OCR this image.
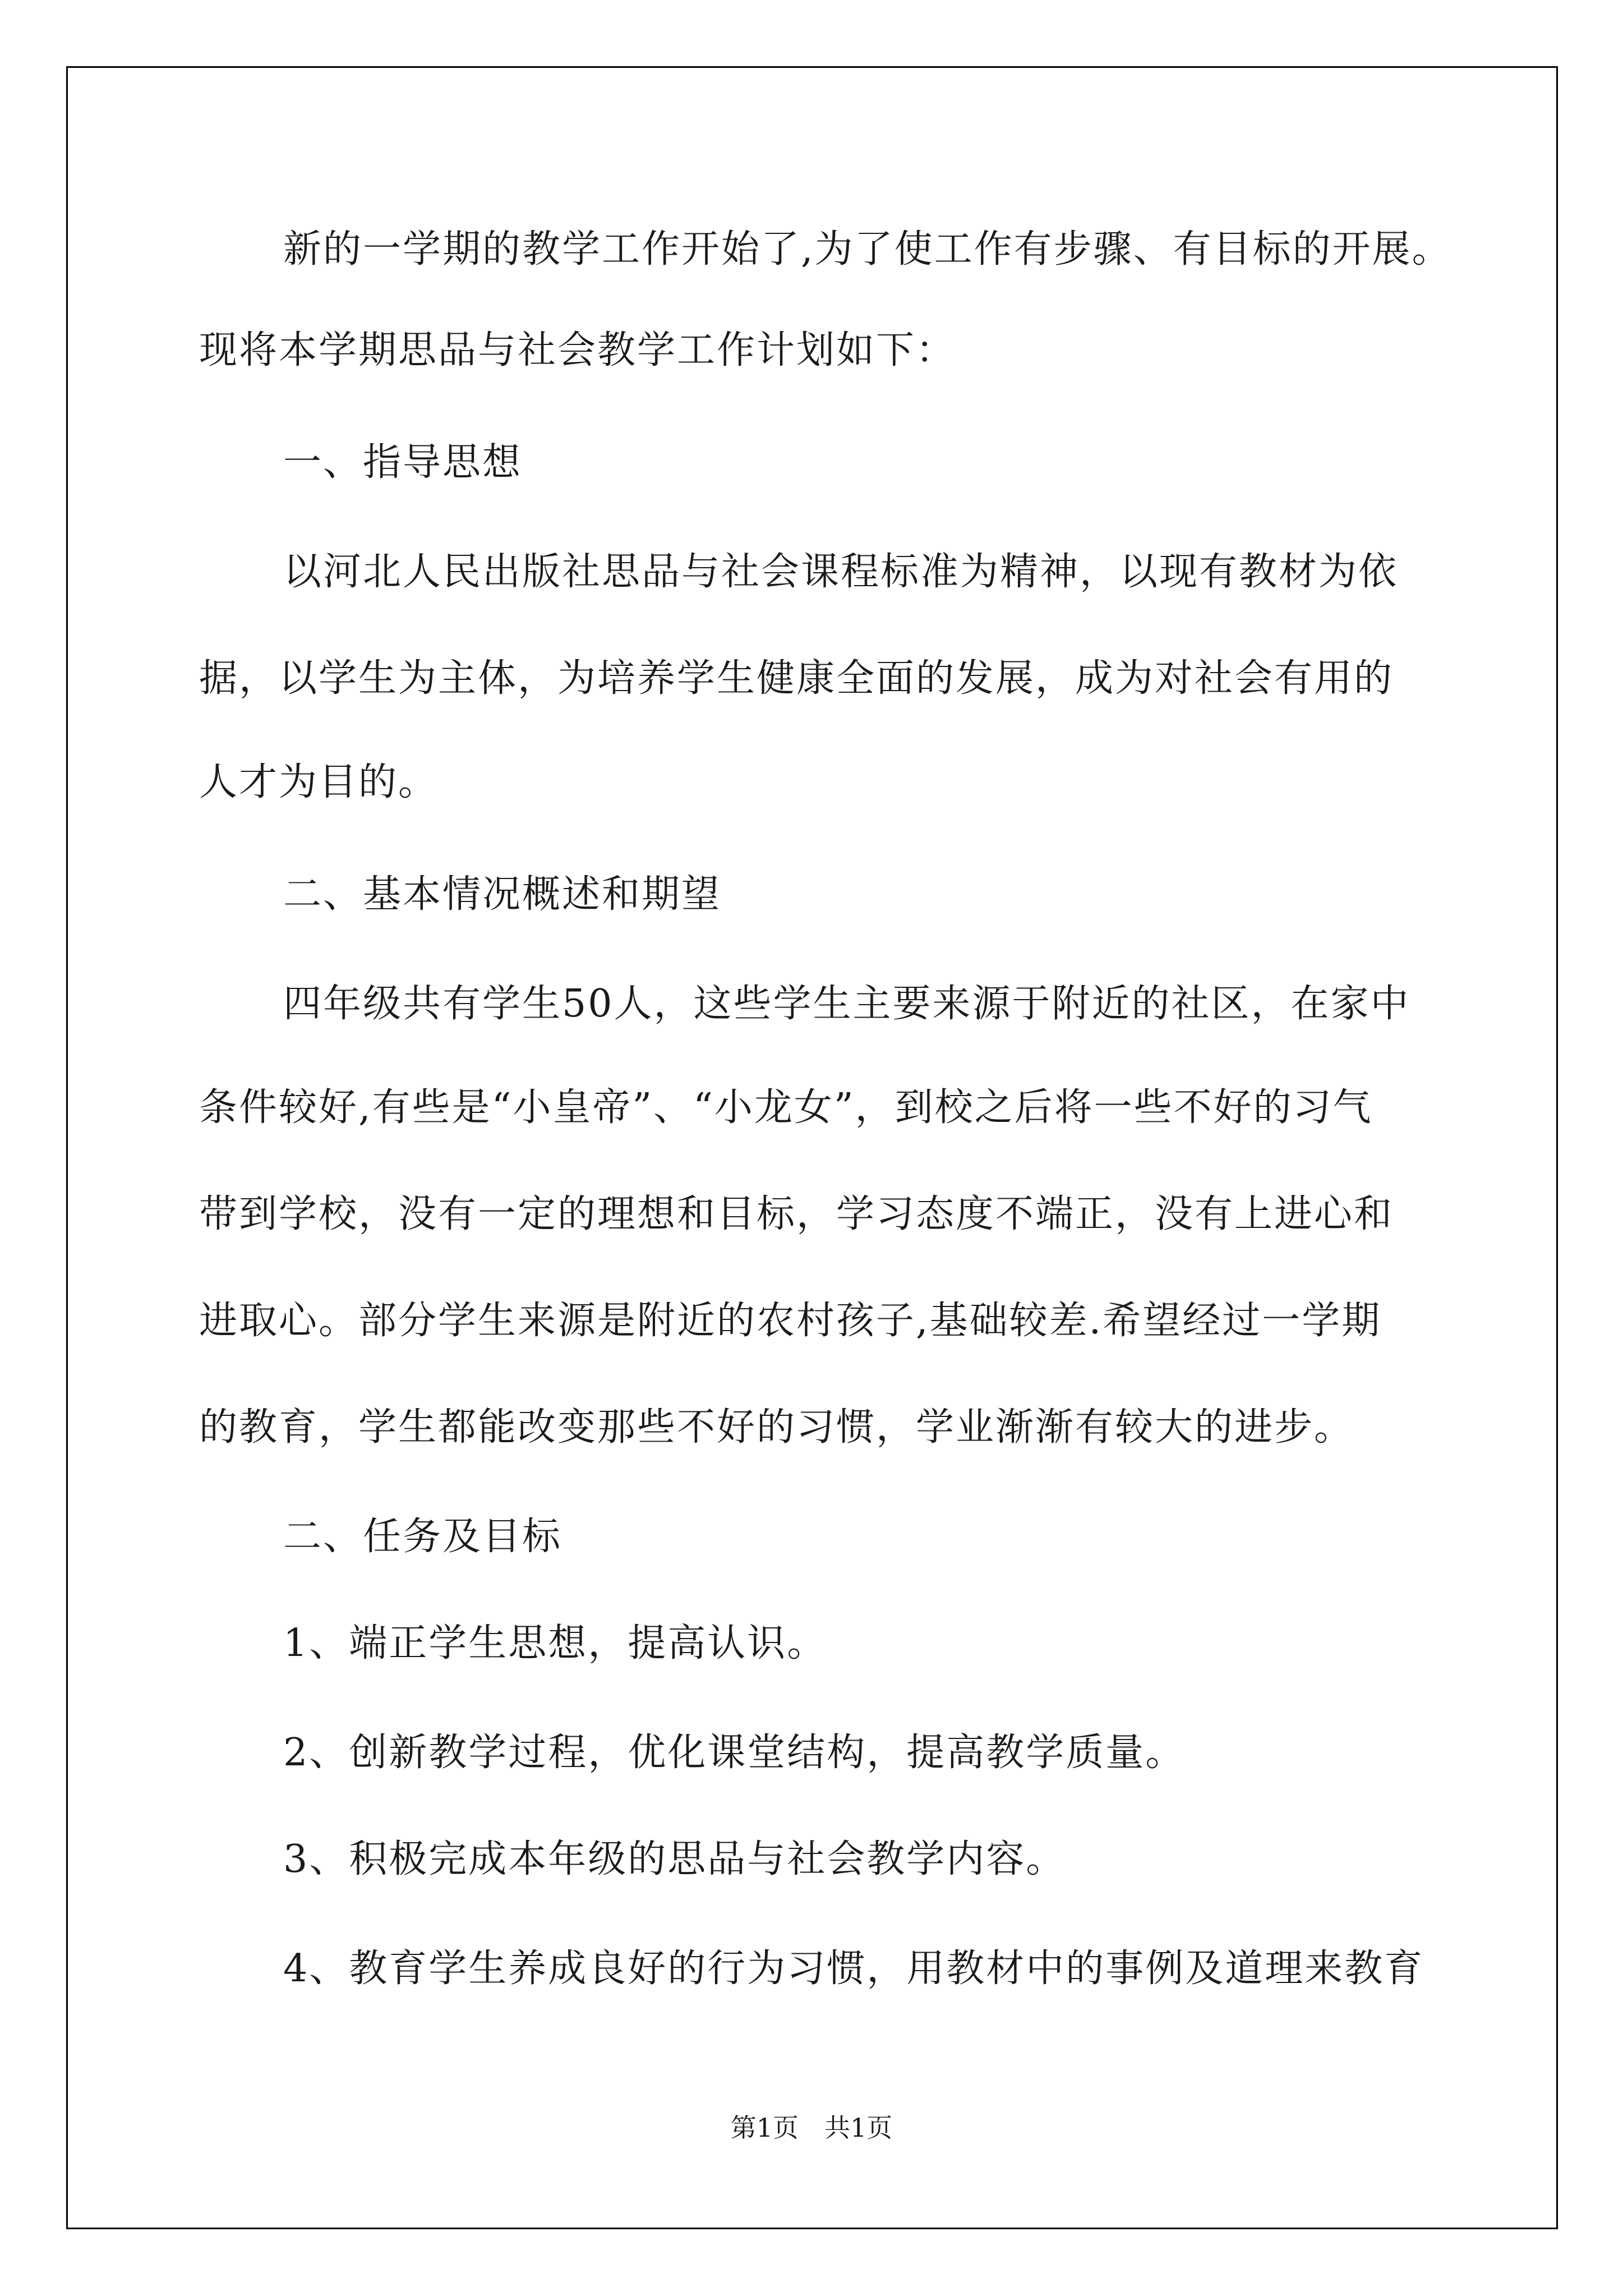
新的一学期的教学工作开始了,为了使工作有步骤、有目标的开展。
现将本学期思品与社会教学工作计划如下：
一、指导思想
以河北人民出版社思品与社会课程标准为精神，以现有教材为依
据，以学生为主体，为培养学生健康全面的发展，成为对社会有用的
人才为目的。
二、基本情况概述和期望
四年级共有学生50人，这些学生主要来源于附近的社区，在家中
条件较好,有些是“小皇帝”、“小龙女”，到校之后将一些不好的习气
带到学校，没有一定的理想和目标，学习态度不端正，没有上进心和
进取心。部分学生来源是附近的农村孩子,基础较差.希望经过一学期
的教育，学生都能改变那些不好的习惯，学业渐渐有较大的进步。
二、任务及目标
1、端正学生思想，提高认识。
2、创新教学过程，优化课堂结构，提高教学质量。
3、积极完成本年级的思品与社会教学内容。
4、教育学生养成良好的行为习惯，用教材中的事例及道理来教育
第1页　共1页
